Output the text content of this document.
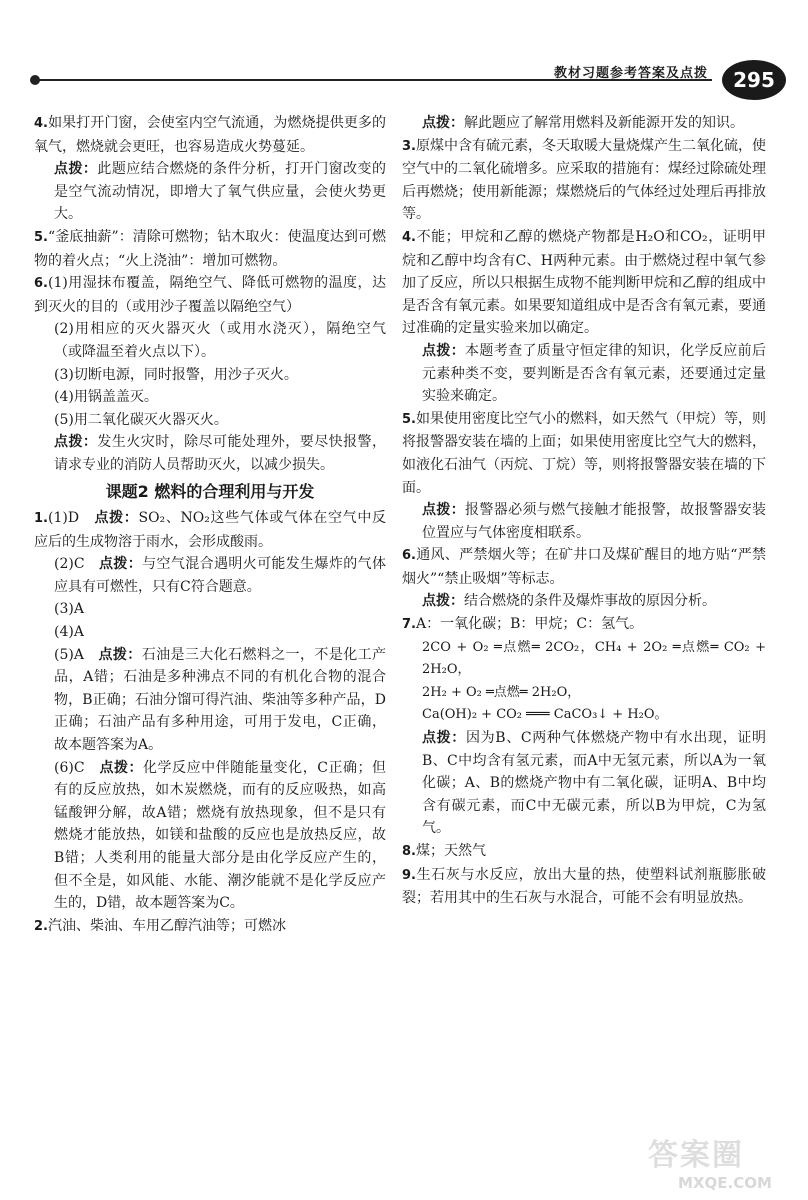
教材习题参考答案及点拨	295

4.如果打开门窗，会使室内空气流通，为燃烧提供更多的氧气，燃烧就会更旺，也容易造成火势蔓延。

点拨：此题应结合燃烧的条件分析，打开门窗改变的是空气流动情况，即增大了氧气供应量，会使火势更大。

5.“釜底抽薪”：清除可燃物；钻木取火：使温度达到可燃物的着火点；“火上浇油”：增加可燃物。

6.(1)用湿抹布覆盖，隔绝空气、降低可燃物的温度，达到灭火的目的（或用沙子覆盖以隔绝空气）

(2)用相应的灭火器灭火（或用水浇灭），隔绝空气（或降温至着火点以下）。

(3)切断电源，同时报警，用沙子灭火。

(4)用锅盖盖灭。

(5)用二氧化碳灭火器灭火。

点拨：发生火灾时，除尽可能处理外，要尽快报警，请求专业的消防人员帮助灭火，以减少损失。

课题2 燃料的合理利用与开发

1.(1)D 点拨：SO₂、NO₂这些气体或气体在空气中反应后的生成物溶于雨水，会形成酸雨。

(2)C 点拨：与空气混合遇明火可能发生爆炸的气体应具有可燃性，只有C符合题意。

(3)A

(4)A

(5)A 点拨：石油是三大化石燃料之一，不是化工产品，A错；石油是多种沸点不同的有机化合物的混合物，B正确；石油分馏可得汽油、柴油等多种产品，D正确；石油产品有多种用途，可用于发电，C正确，故本题答案为A。

(6)C 点拨：化学反应中伴随能量变化，C正确；但有的反应放热，如木炭燃烧，而有的反应吸热，如高锰酸钾分解，故A错；燃烧有放热现象，但不是只有燃烧才能放热，如镁和盐酸的反应也是放热反应，故B错；人类利用的能量大部分是由化学反应产生的，但不全是，如风能、水能、潮汐能就不是化学反应产生的，D错，故本题答案为C。

2.汽油、柴油、车用乙醇汽油等；可燃冰

点拨：解此题应了解常用燃料及新能源开发的知识。

3.原煤中含有硫元素，冬天取暖大量烧煤产生二氧化硫，使空气中的二氧化硫增多。应采取的措施有：煤经过除硫处理后再燃烧；使用新能源；煤燃烧后的气体经过处理后再排放等。

4.不能；甲烷和乙醇的燃烧产物都是H₂O和CO₂，证明甲烷和乙醇中均含有C、H两种元素。由于燃烧过程中氧气参加了反应，所以只根据生成物不能判断甲烷和乙醇的组成中是否含有氧元素。如果要知道组成中是否含有氧元素，要通过准确的定量实验来加以确定。

点拨：本题考查了质量守恒定律的知识，化学反应前后元素种类不变，要判断是否含有氧元素，还要通过定量实验来确定。

5.如果使用密度比空气小的燃料，如天然气（甲烷）等，则将报警器安装在墙的上面；如果使用密度比空气大的燃料，如液化石油气（丙烷、丁烷）等，则将报警器安装在墙的下面。

点拨：报警器必须与燃气接触才能报警，故报警器安装位置应与气体密度相联系。

6.通风、严禁烟火等；在矿井口及煤矿醒目的地方贴“严禁烟火”“禁止吸烟”等标志。

点拨：结合燃烧的条件及爆炸事故的原因分析。

7.A：一氧化碳；B：甲烷；C：氢气。

2CO + O₂ ═点燃═ 2CO₂，CH₄ + 2O₂ ═点燃═ CO₂ + 2H₂O，

2H₂ + O₂ ═点燃═ 2H₂O，

Ca(OH)₂ + CO₂ ═══ CaCO₃↓ + H₂O。

点拨：因为B、C两种气体燃烧产物中有水出现，证明B、C中均含有氢元素，而A中无氢元素，所以A为一氧化碳；A、B的燃烧产物中有二氧化碳，证明A、B中均含有碳元素，而C中无碳元素，所以B为甲烷，C为氢气。

8.煤；天然气

9.生石灰与水反应，放出大量的热，使塑料试剂瓶膨胀破裂；若用其中的生石灰与水混合，可能不会有明显放热。

答案圈
MXQE.COM
